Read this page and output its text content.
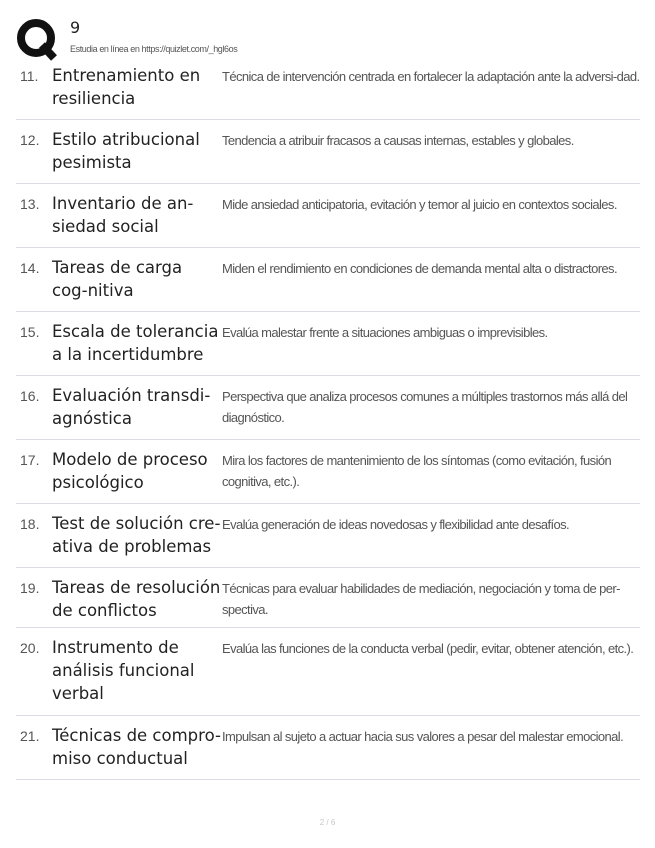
9
Estudia en línea en https://quizlet.com/_hgl6os
11. Entrenamiento en resiliencia
Técnica de intervención centrada en fortalecer la adaptación ante la adversi-dad.
12. Estilo atribucional pesimista
Tendencia a atribuir fracasos a causas internas, estables y globales.
13. Inventario de an-siedad social
Mide ansiedad anticipatoria, evitación y temor al juicio en contextos sociales.
14. Tareas de carga cog-nitiva
Miden el rendimiento en condiciones de demanda mental alta o distractores.
15. Escala de tolerancia a la incertidumbre
Evalúa malestar frente a situaciones ambiguas o imprevisibles.
16. Evaluación transdi-agnóstica
Perspectiva que analiza procesos comunes a múltiples trastornos más allá del diagnóstico.
17. Modelo de proceso psicológico
Mira los factores de mantenimiento de los síntomas (como evitación, fusión cognitiva, etc.).
18. Test de solución cre-ativa de problemas
Evalúa generación de ideas novedosas y flexibilidad ante desafíos.
19. Tareas de resolución de conflictos
Técnicas para evaluar habilidades de mediación, negociación y toma de per-spectiva.
20. Instrumento de análisis funcional verbal
Evalúa las funciones de la conducta verbal (pedir, evitar, obtener atención, etc.).
21. Técnicas de compro-miso conductual
Impulsan al sujeto a actuar hacia sus valores a pesar del malestar emocional.
2 / 6
